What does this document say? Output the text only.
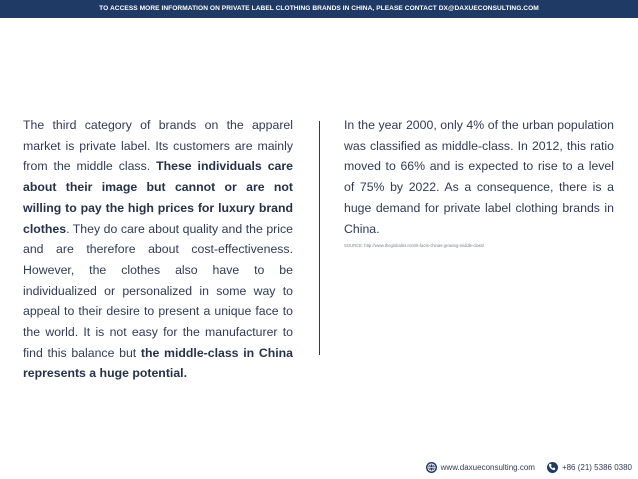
TO ACCESS MORE INFORMATION ON PRIVATE LABEL CLOTHING BRANDS IN CHINA, PLEASE CONTACT DX@DAXUECONSULTING.COM

The third category of brands on the apparel market is private label. Its customers are mainly from the middle class. These individuals care about their image but cannot or are not willing to pay the high prices for luxury brand clothes. They do care about quality and the price and are therefore about cost-effectiveness. However, the clothes also have to be individualized or personalized in some way to appeal to their desire to present a unique face to the world. It is not easy for the manufacturer to find this balance but the middle-class in China represents a huge potential.

In the year 2000, only 4% of the urban population was classified as middle-class. In 2012, this ratio moved to 66% and is expected to rise to a level of 75% by 2022. As a consequence, there is a huge demand for private label clothing brands in China.

SOURCE: http://www.theglobalist.com/6-facts-chinas-growing-middle-class/
www.daxueconsulting.com	+86 (21) 5386 0380
